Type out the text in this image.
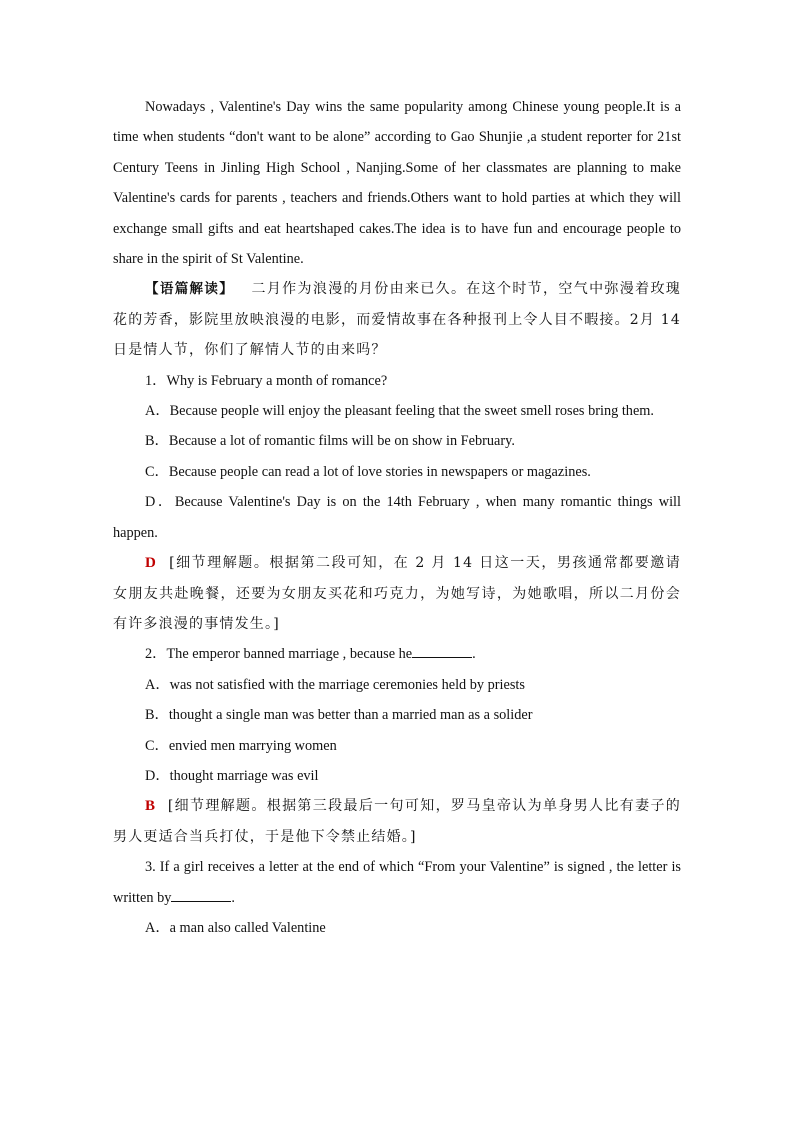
Nowadays , Valentine's Day wins the same popularity among Chinese young people.It is a time when students “don't want to be alone” according to Gao Shunjie ,a student reporter for 21st Century Teens in Jinling High School , Nanjing.Some of her classmates are planning to make Valentine's cards for parents , teachers and friends.Others want to hold parties at which they will exchange small gifts and eat heartshaped cakes.The idea is to have fun and encourage people to share in the spirit of St Valentine.

【语篇解读】 二月作为浪漫的月份由来已久。在这个时节，空气中弥漫着玫瑰花的芳香，影院里放映浪漫的电影，而爱情故事在各种报刊上令人目不暇接。2月 14 日是情人节，你们了解情人节的由来吗？

1．Why is February a month of romance?

A．Because people will enjoy the pleasant feeling that the sweet smell roses bring them.

B．Because a lot of romantic films will be on show in February.

C．Because people can read a lot of love stories in newspapers or magazines.

D．Because Valentine's Day is on the 14th February , when many romantic things will happen.

D [细节理解题。根据第二段可知，在 2 月 14 日这一天，男孩通常都要邀请女朋友共赴晚餐，还要为女朋友买花和巧克力，为她写诗，为她歌唱，所以二月份会有许多浪漫的事情发生。]

2．The emperor banned marriage , because he	.

A．was not satisfied with the marriage ceremonies held by priests

B．thought a single man was better than a married man as a solider

C．envied men marrying women

D．thought marriage was evil

B [细节理解题。根据第三段最后一句可知，罗马皇帝认为单身男人比有妻子的男人更适合当兵打仗，于是他下令禁止结婚。]

3. If a girl receives a letter at the end of which “From your Valentine” is signed , the letter is written by	.

A．a man also called Valentine
